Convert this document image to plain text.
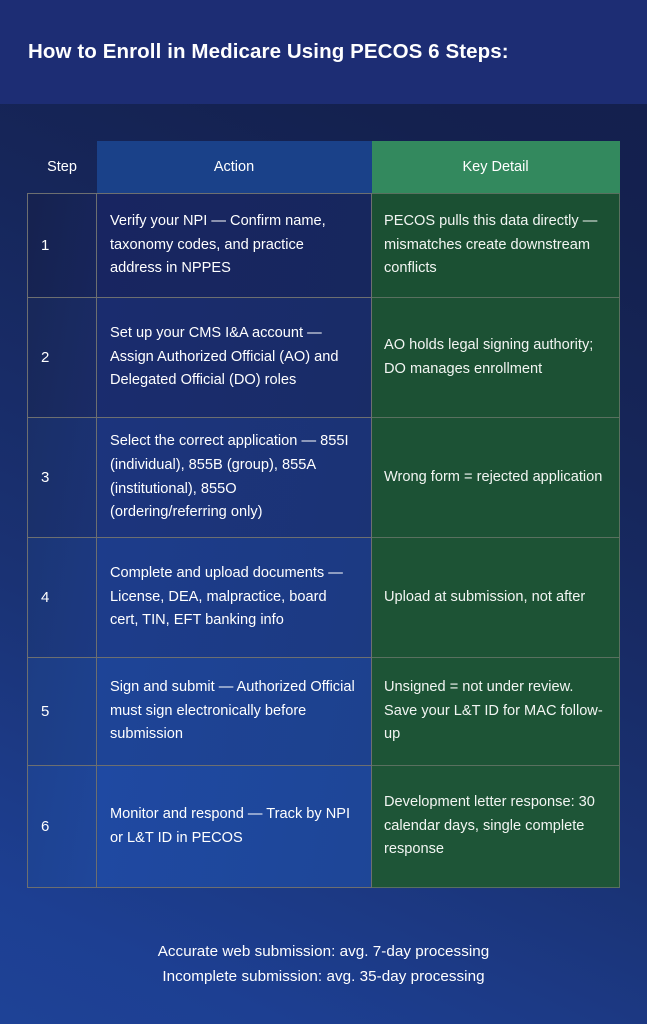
How to Enroll in Medicare Using PECOS 6 Steps:
Step	Action	Key Detail
1	Verify your NPI — Confirm name, taxonomy codes, and practice address in NPPES	PECOS pulls this data directly — mismatches create downstream conflicts
2	Set up your CMS I&A account — Assign Authorized Official (AO) and Delegated Official (DO) roles	AO holds legal signing authority; DO manages enrollment
3	Select the correct application — 855I (individual), 855B (group), 855A (institutional), 855O (ordering/referring only)	Wrong form = rejected application
4	Complete and upload documents — License, DEA, malpractice, board cert, TIN, EFT banking info	Upload at submission, not after
5	Sign and submit — Authorized Official must sign electronically before submission	Unsigned = not under review. Save your L&T ID for MAC follow-up
6	Monitor and respond — Track by NPI or L&T ID in PECOS	Development letter response: 30 calendar days, single complete response
Accurate web submission: avg. 7-day processing
Incomplete submission: avg. 35-day processing
